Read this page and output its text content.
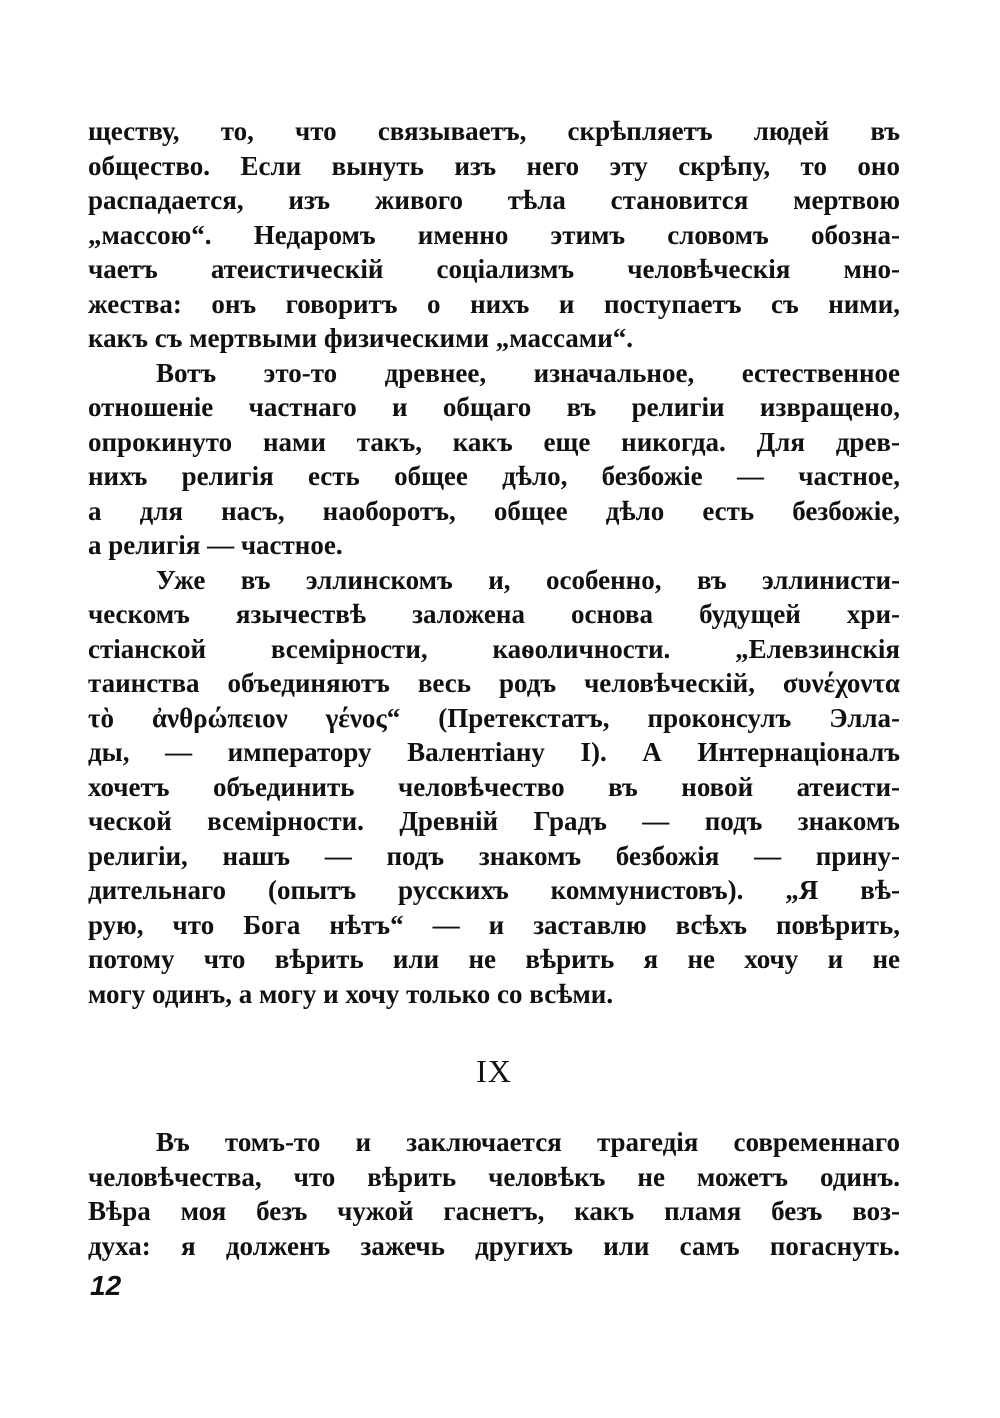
ществу, то, что связываетъ, скрѣпляетъ людей въ
общество. Если вынуть изъ него эту скрѣпу, то оно
распадается, изъ живого тѣла становится мертвою
„массою“. Недаромъ именно этимъ словомъ обозна-
чаетъ атеистическiй соцiализмъ человѣческiя мно-
жества: онъ говоритъ о нихъ и поступаетъ съ ними,
какъ съ мертвыми физическими „массами“.
Вотъ это-то древнее, изначальное, естественное
отношенiе частнаго и общаго въ религiи извращено,
опрокинуто нами такъ, какъ еще никогда. Для древ-
нихъ религiя есть общее дѣло, безбожiе — частное,
а для насъ, наоборотъ, общее дѣло есть безбожiе,
а религiя — частное.
Уже въ эллинскомъ и, особенно, въ эллинисти-
ческомъ язычествѣ заложена основа будущей хри-
стiанской всемiрности, каѳоличности. „Елевзинскiя
таинства объединяютъ весь родъ человѣческiй, συνέχοντα
τὸ ἀνθρώπειον γένος“ (Претекстатъ, проконсулъ Элла-
ды, — императору Валентiану I). А Интернацiоналъ
хочетъ объединить человѣчество въ новой атеисти-
ческой всемiрности. Древнiй Градъ — подъ знакомъ
религiи, нашъ — подъ знакомъ безбожiя — прину-
дительнаго (опытъ русскихъ коммунистовъ). „Я вѣ-
рую, что Бога нѣтъ“ — и заставлю всѣхъ повѣрить,
потому что вѣрить или не вѣрить я не хочу и не
могу одинъ, а могу и хочу только со всѣми.
IX
Въ томъ-то и заключается трагедiя современнаго
человѣчества, что вѣрить человѣкъ не можетъ одинъ.
Вѣра моя безъ чужой гаснетъ, какъ пламя безъ воз-
духа: я долженъ зажечь другихъ или самъ погаснуть.
12
